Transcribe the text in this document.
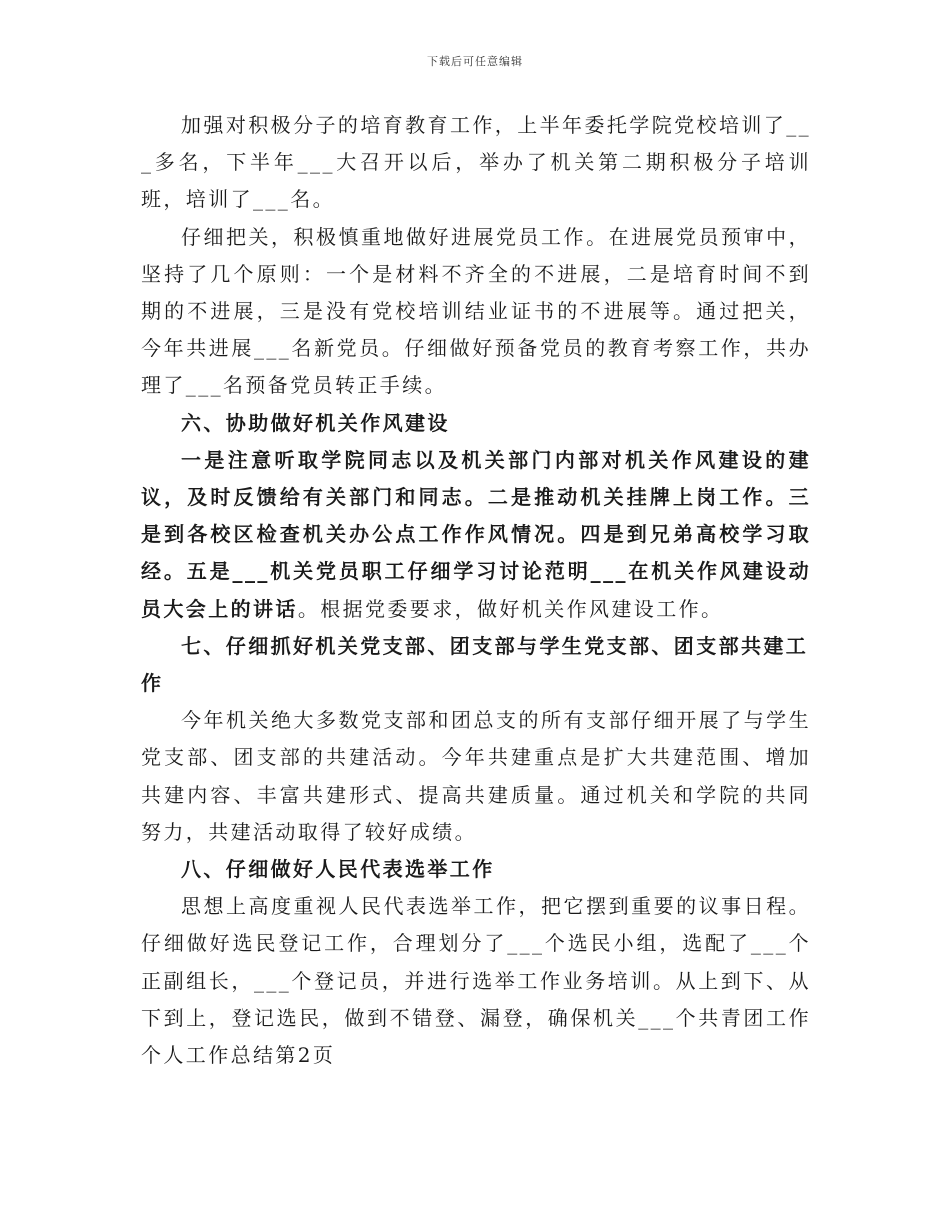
下载后可任意编辑

加强对积极分子的培育教育工作，上半年委托学院党校培训了___多名，下半年___大召开以后，举办了机关第二期积极分子培训班，培训了___名。

仔细把关，积极慎重地做好进展党员工作。在进展党员预审中，坚持了几个原则：一个是材料不齐全的不进展，二是培育时间不到期的不进展，三是没有党校培训结业证书的不进展等。通过把关，今年共进展___名新党员。仔细做好预备党员的教育考察工作，共办理了___名预备党员转正手续。

六、协助做好机关作风建设

一是注意听取学院同志以及机关部门内部对机关作风建设的建议，及时反馈给有关部门和同志。二是推动机关挂牌上岗工作。三是到各校区检查机关办公点工作作风情况。四是到兄弟高校学习取经。五是___机关党员职工仔细学习讨论范明___在机关作风建设动员大会上的讲话。根据党委要求，做好机关作风建设工作。

七、仔细抓好机关党支部、团支部与学生党支部、团支部共建工作

今年机关绝大多数党支部和团总支的所有支部仔细开展了与学生党支部、团支部的共建活动。今年共建重点是扩大共建范围、增加共建内容、丰富共建形式、提高共建质量。通过机关和学院的共同努力，共建活动取得了较好成绩。

八、仔细做好人民代表选举工作

思想上高度重视人民代表选举工作，把它摆到重要的议事日程。仔细做好选民登记工作，合理划分了___个选民小组，选配了___个正副组长，___个登记员，并进行选举工作业务培训。从上到下、从下到上，登记选民，做到不错登、漏登，确保机关___个共青团工作个人工作总结第2页
